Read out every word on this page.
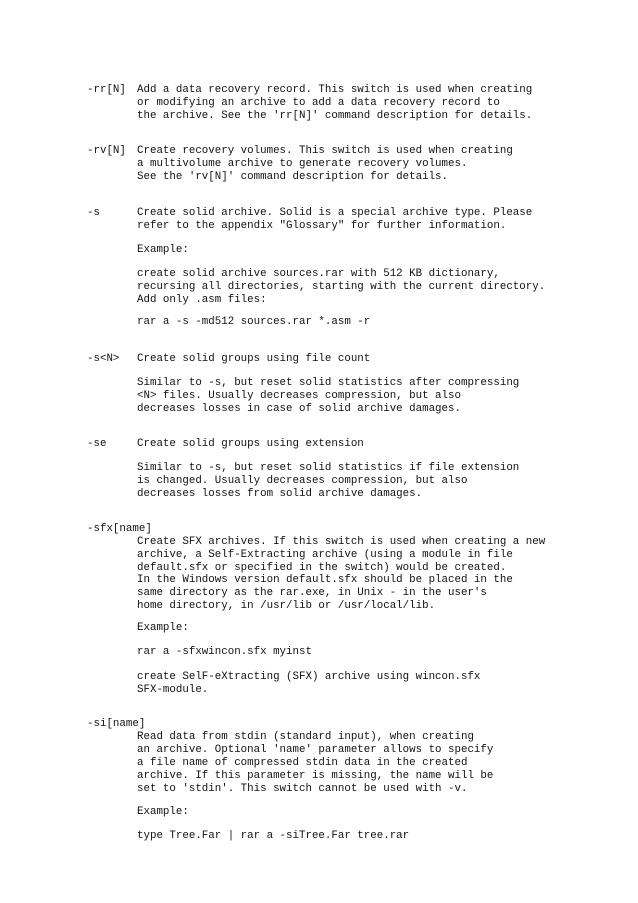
-rr[N] Add a data recovery record. This switch is used when creating
or modifying an archive to add a data recovery record to
the archive. See the 'rr[N]' command description for details.
-rv[N] Create recovery volumes. This switch is used when creating
a multivolume archive to generate recovery volumes.
See the 'rv[N]' command description for details.
-s	Create solid archive. Solid is a special archive type. Please
refer to the appendix "Glossary" for further information.
Example:
create solid archive sources.rar with 512 KB dictionary,
recursing all directories, starting with the current directory.
Add only .asm files:
rar a -s -md512 sources.rar *.asm -r
-s<N> Create solid groups using file count
Similar to -s, but reset solid statistics after compressing
<N> files. Usually decreases compression, but also
decreases losses in case of solid archive damages.
-se	Create solid groups using extension
Similar to -s, but reset solid statistics if file extension
is changed. Usually decreases compression, but also
decreases losses from solid archive damages.
-sfx[name]
Create SFX archives. If this switch is used when creating a new
archive, a Self-Extracting archive (using a module in file
default.sfx or specified in the switch) would be created.
In the Windows version default.sfx should be placed in the
same directory as the rar.exe, in Unix - in the user's
home directory, in /usr/lib or /usr/local/lib.
Example:
rar a -sfxwincon.sfx myinst
create SelF-eXtracting (SFX) archive using wincon.sfx
SFX-module.
-si[name]
Read data from stdin (standard input), when creating
an archive. Optional 'name' parameter allows to specify
a file name of compressed stdin data in the created
archive. If this parameter is missing, the name will be
set to 'stdin'. This switch cannot be used with -v.
Example:
type Tree.Far | rar a -siTree.Far tree.rar
